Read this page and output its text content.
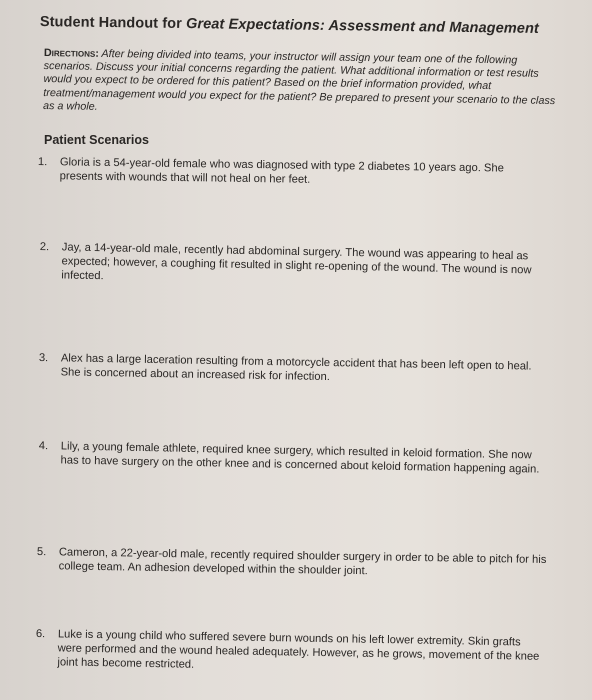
Student Handout for Great Expectations: Assessment and Management
Directions: After being divided into teams, your instructor will assign your team one of the following scenarios. Discuss your initial concerns regarding the patient. What additional information or test results would you expect to be ordered for this patient? Based on the brief information provided, what treatment/management would you expect for the patient? Be prepared to present your scenario to the class as a whole.
Patient Scenarios
1.	Gloria is a 54-year-old female who was diagnosed with type 2 diabetes 10 years ago. She presents with wounds that will not heal on her feet.
2.	Jay, a 14-year-old male, recently had abdominal surgery. The wound was appearing to heal as expected; however, a coughing fit resulted in slight re-opening of the wound. The wound is now infected.
3.	Alex has a large laceration resulting from a motorcycle accident that has been left open to heal. She is concerned about an increased risk for infection.
4.	Lily, a young female athlete, required knee surgery, which resulted in keloid formation. She now has to have surgery on the other knee and is concerned about keloid formation happening again.
5.	Cameron, a 22-year-old male, recently required shoulder surgery in order to be able to pitch for his college team. An adhesion developed within the shoulder joint.
6.	Luke is a young child who suffered severe burn wounds on his left lower extremity. Skin grafts were performed and the wound healed adequately. However, as he grows, movement of the knee joint has become restricted.
